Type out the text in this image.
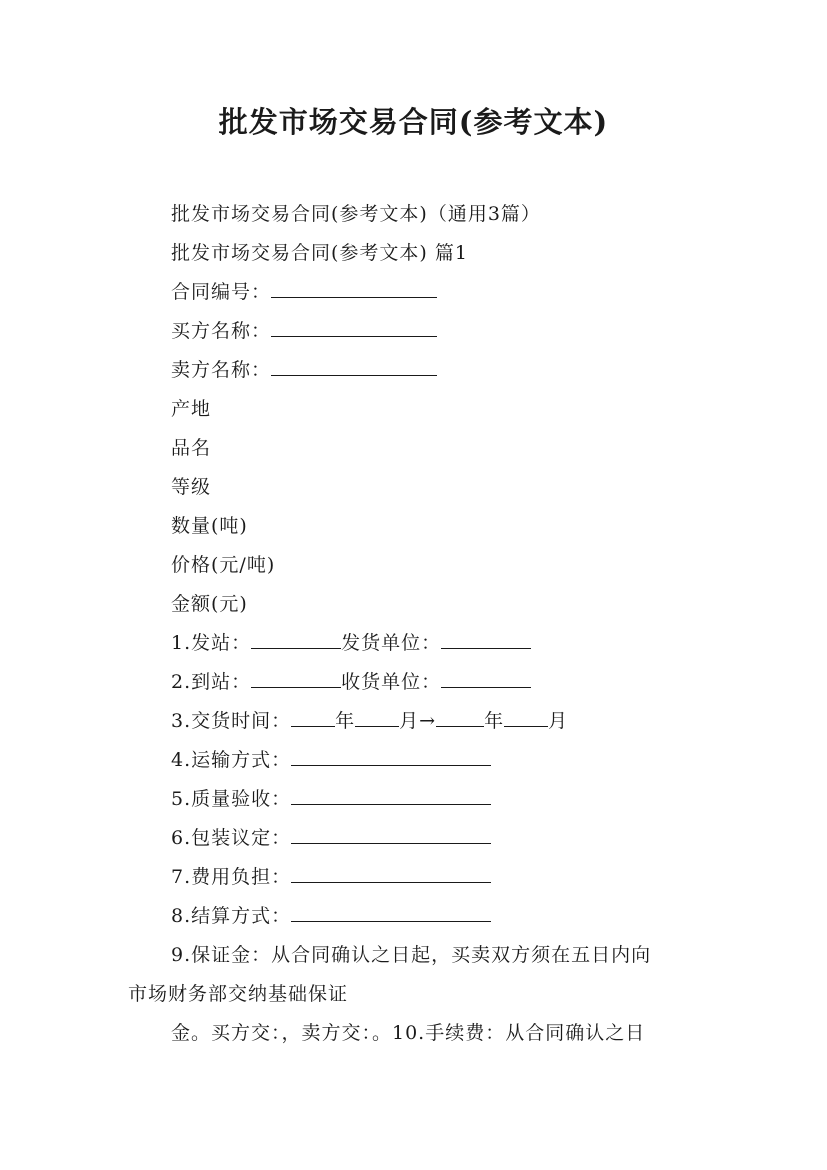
批发市场交易合同(参考文本)
批发市场交易合同(参考文本)（通用3篇）
批发市场交易合同(参考文本) 篇1
合同编号：
买方名称：
卖方名称：
产地
品名
等级
数量(吨)
价格(元/吨)
金额(元)
1.发站：	发货单位：
2.到站：	收货单位：
3.交货时间： 年 月→	年 月
4.运输方式：
5.质量验收：
6.包装议定：
7.费用负担：
8.结算方式：
9.保证金：从合同确认之日起，买卖双方须在五日内向
市场财务部交纳基础保证
金。买方交：，卖方交：。10.手续费：从合同确认之日
